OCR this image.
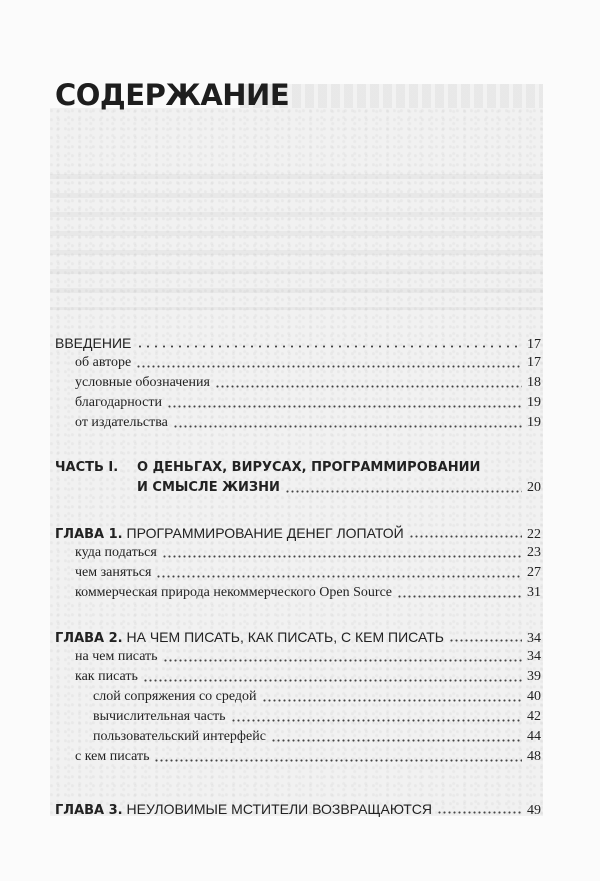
СОДЕРЖАНИЕ
ВВЕДЕНИЕ	17
об авторе	17
условные обозначения	18
благодарности	19
от издательства	19
ЧАСТЬ I. О ДЕНЬГАХ, ВИРУСАХ, ПРОГРАММИРОВАНИИ
И СМЫСЛЕ ЖИЗНИ	20
ГЛАВА 1. ПРОГРАММИРОВАНИЕ ДЕНЕГ ЛОПАТОЙ	22
куда податься	23
чем заняться	27
коммерческая природа некоммерческого Open Source	31
ГЛАВА 2. НА ЧЕМ ПИСАТЬ, КАК ПИСАТЬ, С КЕМ ПИСАТЬ	34
на чем писать	34
как писать	39
слой сопряжения со средой	40
вычислительная часть	42
пользовательский интерфейс	44
с кем писать	48
ГЛАВА 3. НЕУЛОВИМЫЕ МСТИТЕЛИ ВОЗВРАЩАЮТСЯ	49
